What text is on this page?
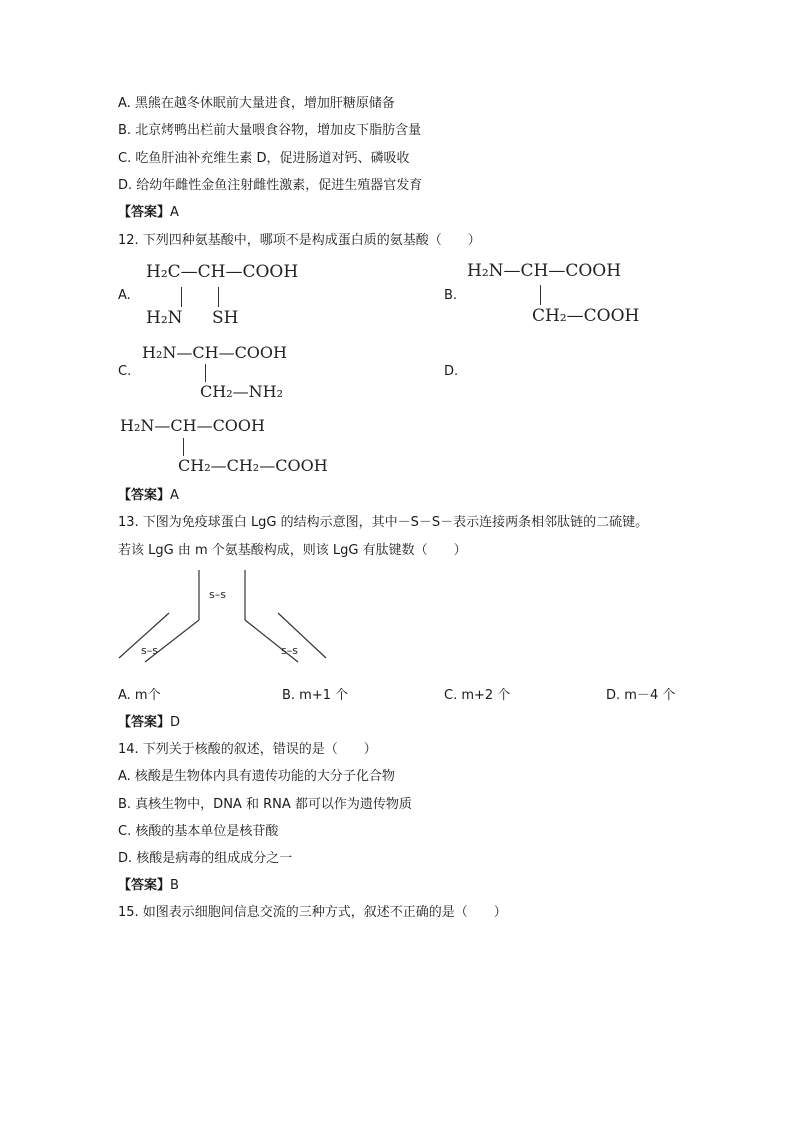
A. 黑熊在越冬休眠前大量进食，增加肝糖原储备
B. 北京烤鸭出栏前大量喂食谷物，增加皮下脂肪含量
C. 吃鱼肝油补充维生素 D，促进肠道对钙、磷吸收
D. 给幼年雌性金鱼注射雌性激素，促进生殖器官发育
【答案】A
12. 下列四种氨基酸中，哪项不是构成蛋白质的氨基酸（　　）
A.
H₂C—CH—COOH
H₂N SH
B.
H₂N—CH—COOH
CH₂—COOH
C.
H₂N—CH—COOH
CH₂—NH₂
D.
H₂N—CH—COOH
CH₂—CH₂—COOH
【答案】A
13. 下图为免疫球蛋白 LgG 的结构示意图，其中－S－S－表示连接两条相邻肽链的二硫键。
若该 LgG 由 m 个氨基酸构成，则该 LgG 有肽键数（　　）
s–s
s–s	s–s
A. m个	B. m+1 个	C. m+2 个	D. m－4 个
【答案】D
14. 下列关于核酸的叙述，错误的是（　　）
A. 核酸是生物体内具有遗传功能的大分子化合物
B. 真核生物中，DNA 和 RNA 都可以作为遗传物质
C. 核酸的基本单位是核苷酸
D. 核酸是病毒的组成成分之一
【答案】B
15. 如图表示细胞间信息交流的三种方式，叙述不正确的是（　　）
